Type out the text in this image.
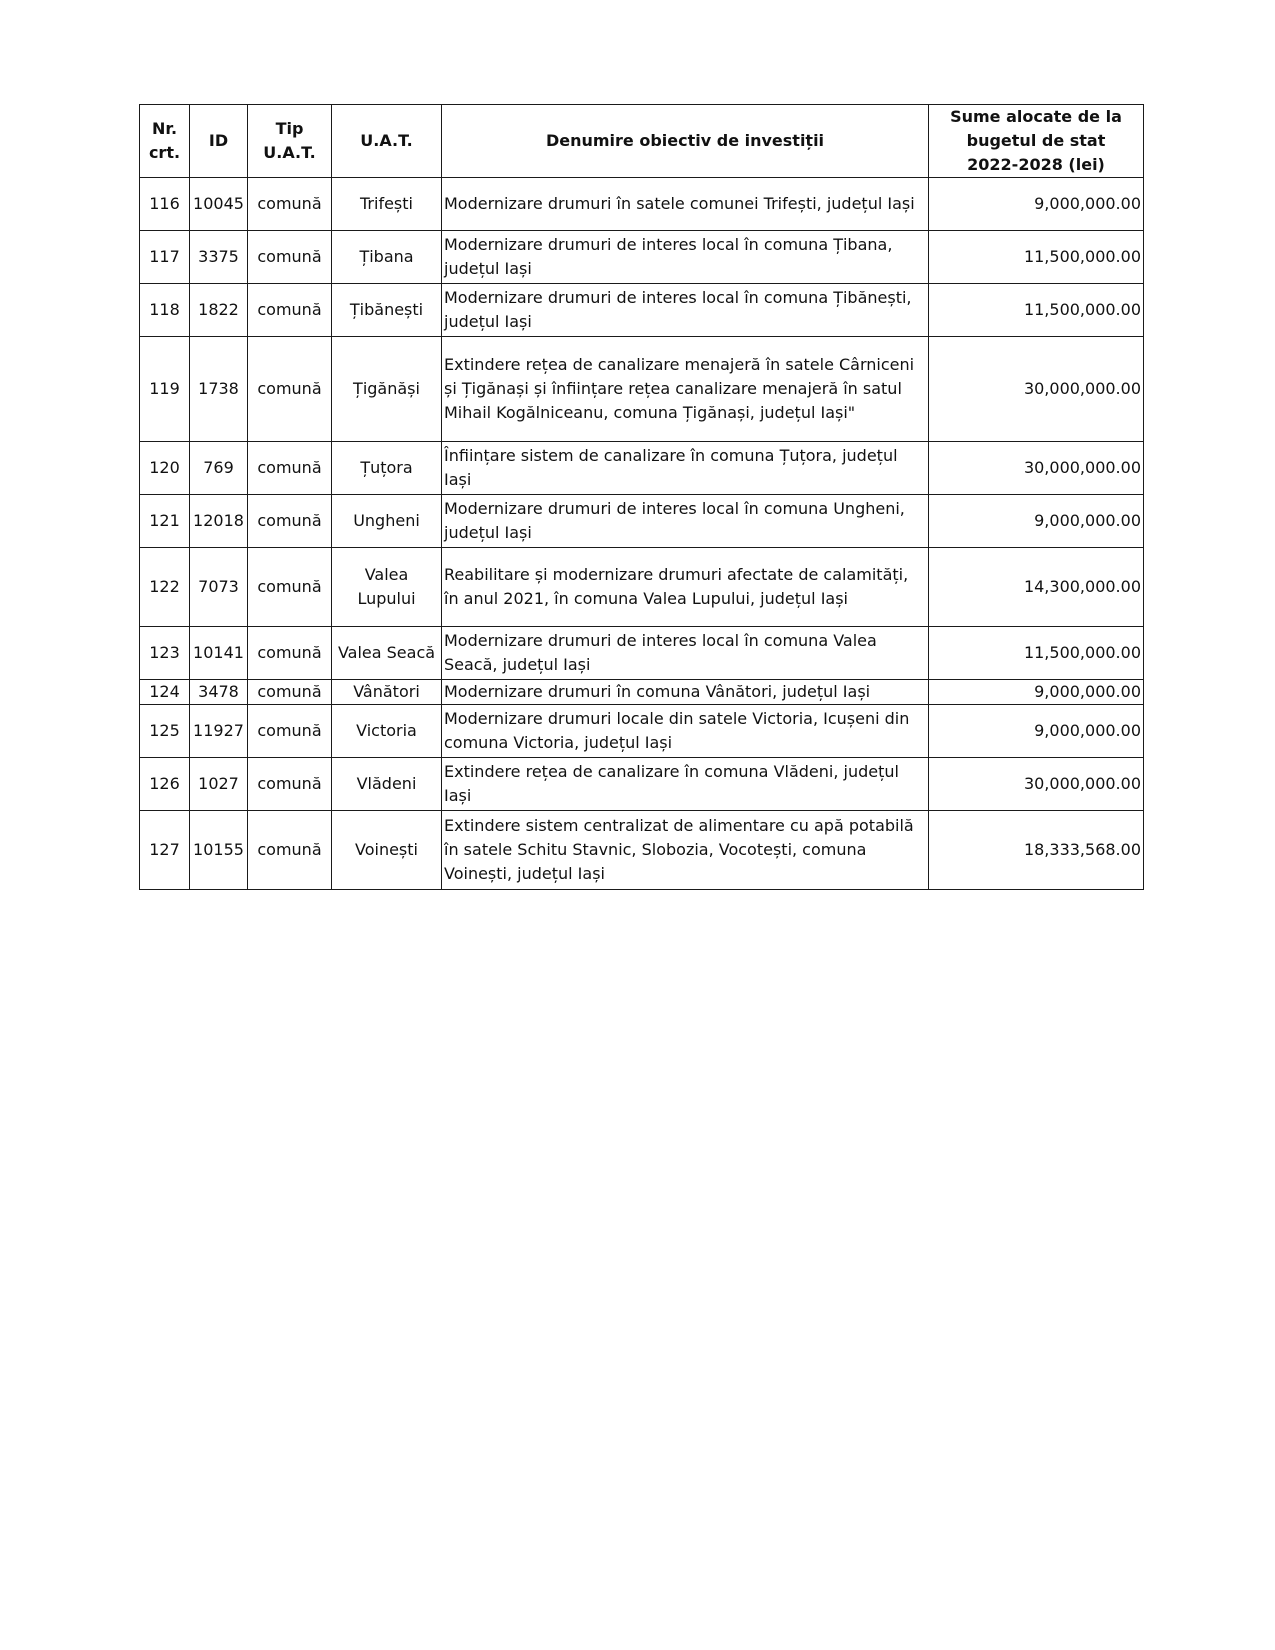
Nr. crt.	ID	Tip U.A.T.	U.A.T.	Denumire obiectiv de investiții	Sume alocate de la bugetul de stat 2022-2028 (lei)
116	10045	comună	Trifești	Modernizare drumuri în satele comunei Trifești, județul Iași	9,000,000.00
117	3375	comună	Țibana	Modernizare drumuri de interes local în comuna Țibana, județul Iași	11,500,000.00
118	1822	comună	Țibănești	Modernizare drumuri de interes local în comuna Țibănești, județul Iași	11,500,000.00
119	1738	comună	Țigănăși	Extindere rețea de canalizare menajeră în satele Cârniceni și Țigănași și înființare rețea canalizare menajeră în satul Mihail Kogălniceanu, comuna Țigănași, județul Iași"	30,000,000.00
120	769	comună	Țuțora	Înființare sistem de canalizare în comuna Țuțora, județul Iași	30,000,000.00
121	12018	comună	Ungheni	Modernizare drumuri de interes local în comuna Ungheni, județul Iași	9,000,000.00
122	7073	comună	Valea Lupului	Reabilitare și modernizare drumuri afectate de calamități, în anul 2021, în comuna Valea Lupului, județul Iași	14,300,000.00
123	10141	comună	Valea Seacă	Modernizare drumuri de interes local în comuna Valea Seacă, județul Iași	11,500,000.00
124	3478	comună	Vânători	Modernizare drumuri în comuna Vânători, județul Iași	9,000,000.00
125	11927	comună	Victoria	Modernizare drumuri locale din satele Victoria, Icușeni din comuna Victoria, județul Iași	9,000,000.00
126	1027	comună	Vlădeni	Extindere rețea de canalizare în comuna Vlădeni, județul Iași	30,000,000.00
127	10155	comună	Voinești	Extindere sistem centralizat de alimentare cu apă potabilă în satele Schitu Stavnic, Slobozia, Vocotești, comuna Voinești, județul Iași	18,333,568.00
